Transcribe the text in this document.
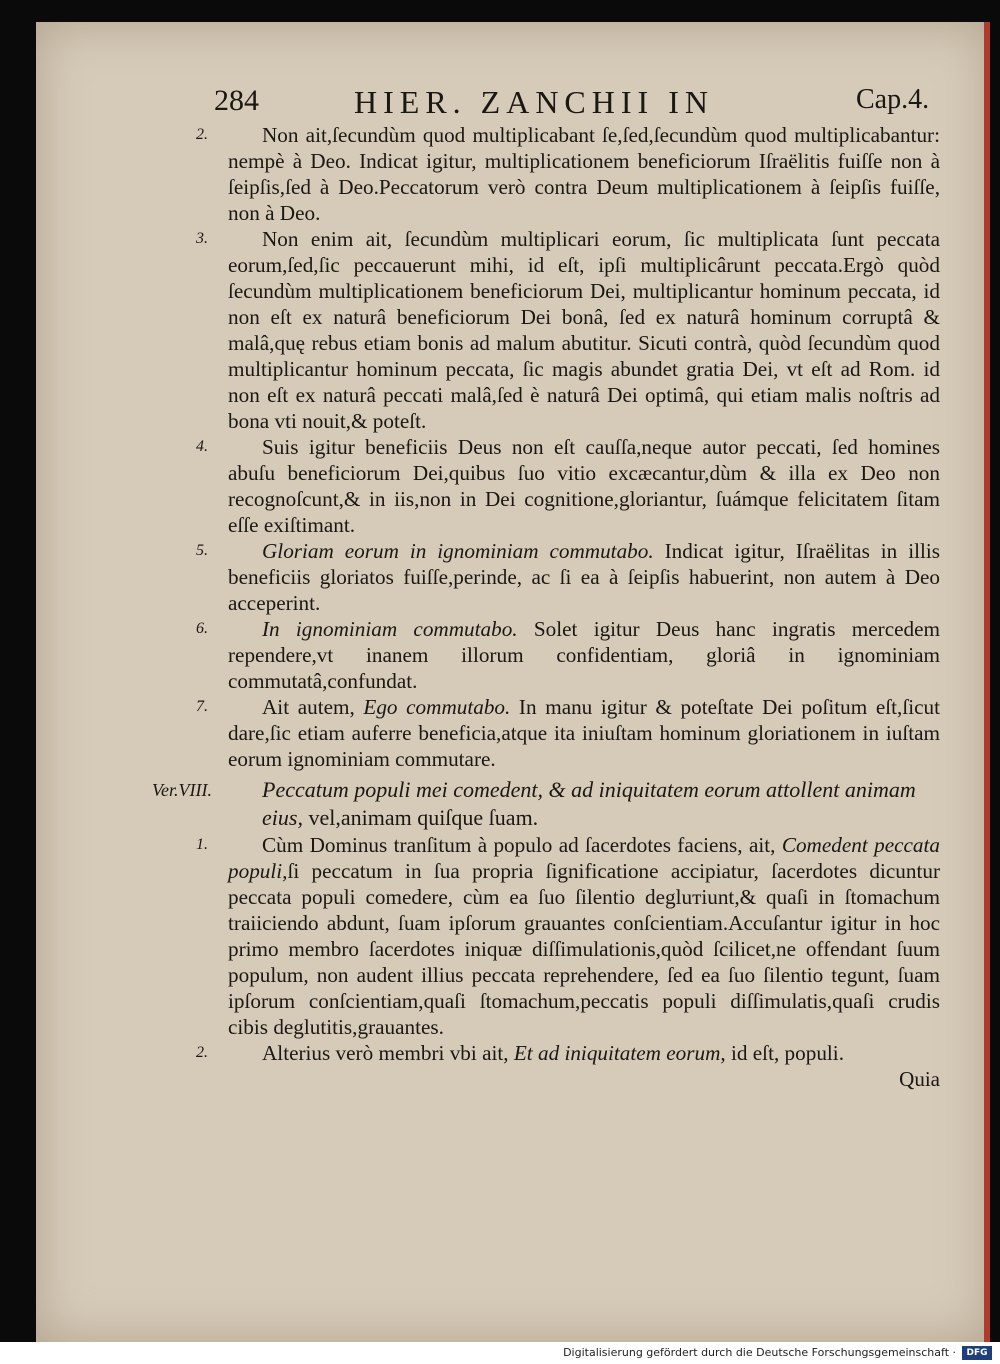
284	HIER. ZANCHII IN	Cap.4.

2.	Non ait,ſecundùm quod multiplicabant ſe,ſed,ſecundùm quod multiplicabantur: nempè à Deo. Indicat igitur, multiplicationem beneficiorum Iſraëlitis fuiſſe non à ſeipſis,ſed à Deo.Peccatorum verò contra Deum multiplicationem à ſeipſis fuiſſe, non à Deo.

3.	Non enim ait, ſecundùm multiplicari eorum, ſic multiplicata ſunt peccata eorum,ſed,ſic peccauerunt mihi, id eſt, ipſi multiplicârunt peccata.Ergò quòd ſecundùm multiplicationem beneficiorum Dei, multiplicantur hominum peccata, id non eſt ex naturâ beneficiorum Dei bonâ, ſed ex naturâ hominum corruptâ & malâ,quę rebus etiam bonis ad malum abutitur. Sicuti contrà, quòd ſecundùm quod multiplicantur hominum peccata, ſic magis abundet gratia Dei, vt eſt ad Rom. id non eſt ex naturâ peccati malâ,ſed è naturâ Dei optimâ, qui etiam malis noſtris ad bona vti nouit,& poteſt.

4.	Suis igitur beneficiis Deus non eſt cauſſa,neque autor peccati, ſed homines abuſu beneficiorum Dei,quibus ſuo vitio excæcantur,dùm & illa ex Deo non recognoſcunt,& in iis,non in Dei cognitione,gloriantur, ſuámque felicitatem ſitam eſſe exiſtimant.

5.	Gloriam eorum in ignominiam commutabo. Indicat igitur, Iſraëlitas in illis beneficiis gloriatos fuiſſe,perinde, ac ſi ea à ſeipſis habuerint, non autem à Deo acceperint.

6.	In ignominiam commutabo. Solet igitur Deus hanc ingratis mercedem rependere,vt inanem illorum confidentiam, gloriâ in ignominiam commutatâ,confundat.

7.	Ait autem, Ego commutabo. In manu igitur & poteſtate Dei poſitum eſt,ſicut dare,ſic etiam auferre beneficia,atque ita iniuſtam hominum gloriationem in iuſtam eorum ignominiam commutare.

Ver.VIII.	Peccatum populi mei comedent, & ad iniquitatem eorum attollent animam eius, vel,animam quiſque ſuam.

1.	Cùm Dominus tranſitum à populo ad ſacerdotes faciens, ait, Comedent peccata populi,ſi peccatum in ſua propria ſignificatione accipiatur, ſacerdotes dicuntur peccata populi comedere, cùm ea ſuo ſilentio degluтiunt,& quaſi in ſtomachum traiiciendo abdunt, ſuam ipſorum grauantes conſcientiam.Accuſantur igitur in hoc primo membro ſacerdotes iniquæ diſſimulationis,quòd ſcilicet,ne offendant ſuum populum, non audent illius peccata reprehendere, ſed ea ſuo ſilentio tegunt, ſuam ipſorum conſcientiam,quaſi ſtomachum,peccatis populi diſſimulatis,quaſi crudis cibis deglutitis,grauantes.

2.	Alterius verò membri vbi ait, Et ad iniquitatem eorum, id eſt, populi.

Quia
Digitalisierung gefördert durch die Deutsche Forschungsgemeinschaft ·	DFG
